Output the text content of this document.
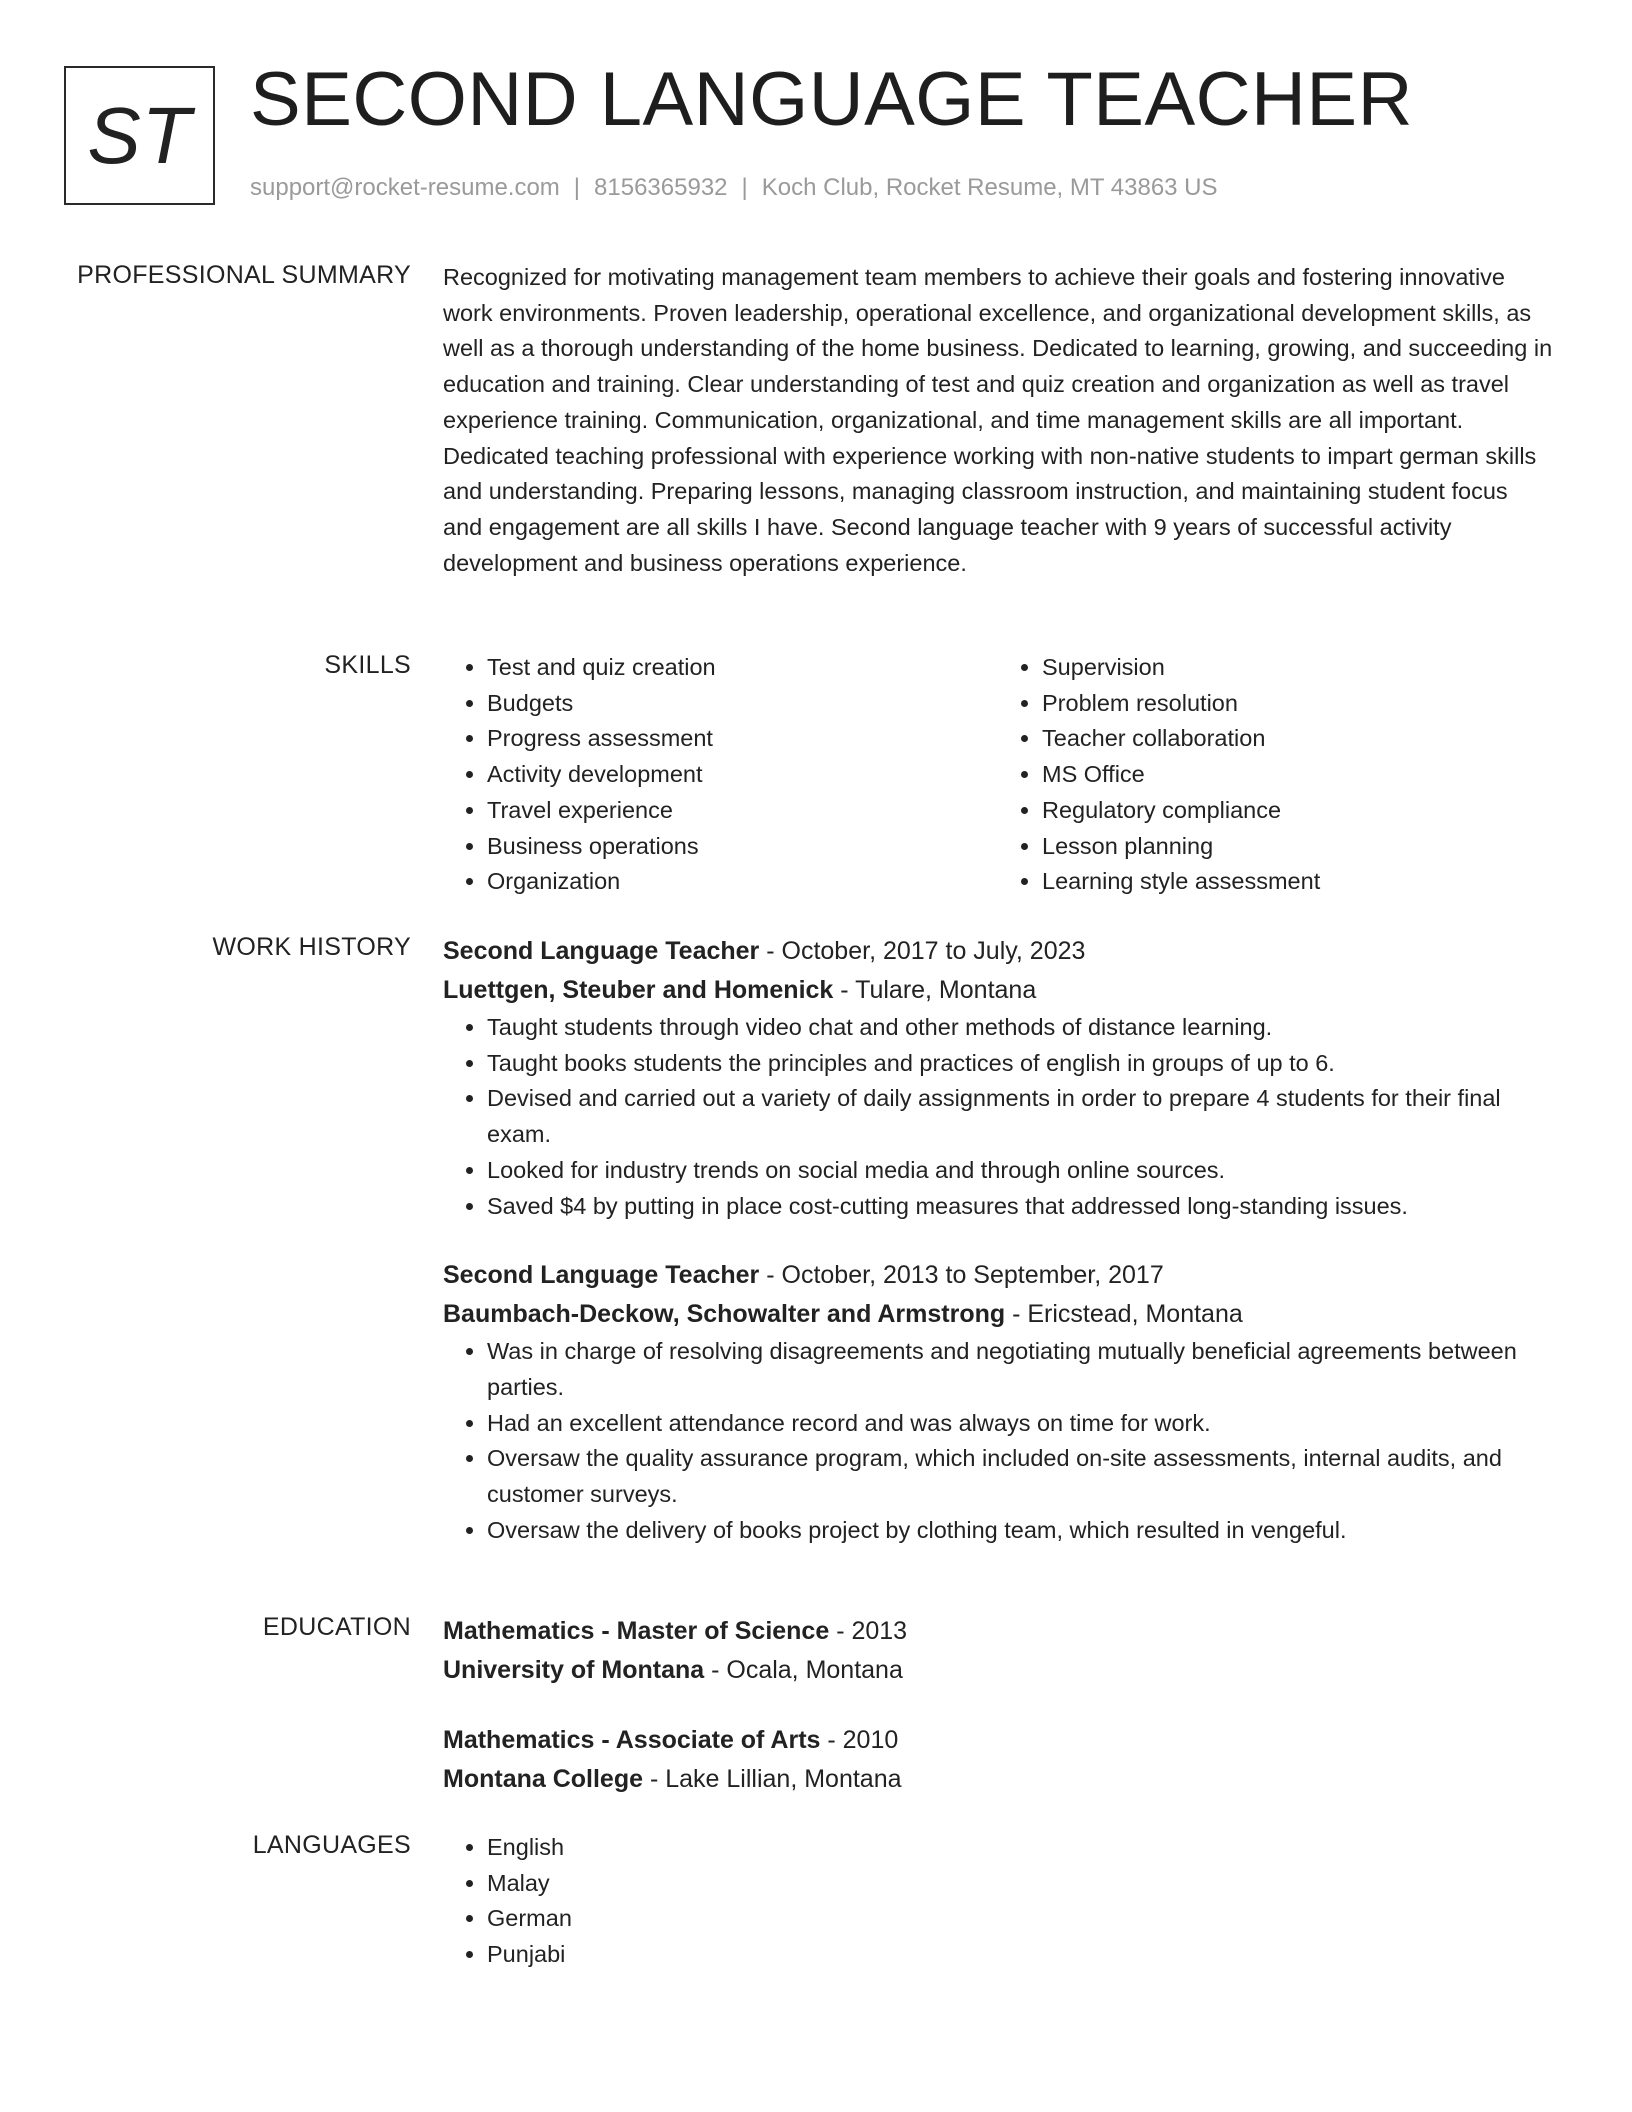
ST SECOND LANGUAGE TEACHER
support@rocket-resume.com | 8156365932 | Koch Club, Rocket Resume, MT 43863 US
PROFESSIONAL SUMMARY Recognized for motivating management team members to achieve their goals and fostering innovative work environments. Proven leadership, operational excellence, and organizational development skills, as well as a thorough understanding of the home business. Dedicated to learning, growing, and succeeding in education and training. Clear understanding of test and quiz creation and organization as well as travel experience training. Communication, organizational, and time management skills are all important. Dedicated teaching professional with experience working with non-native students to impart german skills and understanding. Preparing lessons, managing classroom instruction, and maintaining student focus and engagement are all skills I have. Second language teacher with 9 years of successful activity development and business operations experience.
SKILLS	• Test and quiz creation
• Budgets
• Progress assessment
• Activity development
• Travel experience
• Business operations
• Organization
• Supervision
• Problem resolution
• Teacher collaboration
• MS Office
• Regulatory compliance
• Lesson planning
• Learning style assessment
WORK HISTORY Second Language Teacher - October, 2017 to July, 2023
Luettgen, Steuber and Homenick - Tulare, Montana
• Taught students through video chat and other methods of distance learning.
• Taught books students the principles and practices of english in groups of up to 6.
• Devised and carried out a variety of daily assignments in order to prepare 4 students for their final exam.
• Looked for industry trends on social media and through online sources.
• Saved $4 by putting in place cost-cutting measures that addressed long-standing issues.
Second Language Teacher - October, 2013 to September, 2017
Baumbach-Deckow, Schowalter and Armstrong - Ericstead, Montana
• Was in charge of resolving disagreements and negotiating mutually beneficial agreements between parties.
• Had an excellent attendance record and was always on time for work.
• Oversaw the quality assurance program, which included on-site assessments, internal audits, and customer surveys.
• Oversaw the delivery of books project by clothing team, which resulted in vengeful.
EDUCATION Mathematics - Master of Science - 2013
University of Montana - Ocala, Montana
Mathematics - Associate of Arts - 2010
Montana College - Lake Lillian, Montana
LANGUAGES	• English
• Malay
• German
• Punjabi
